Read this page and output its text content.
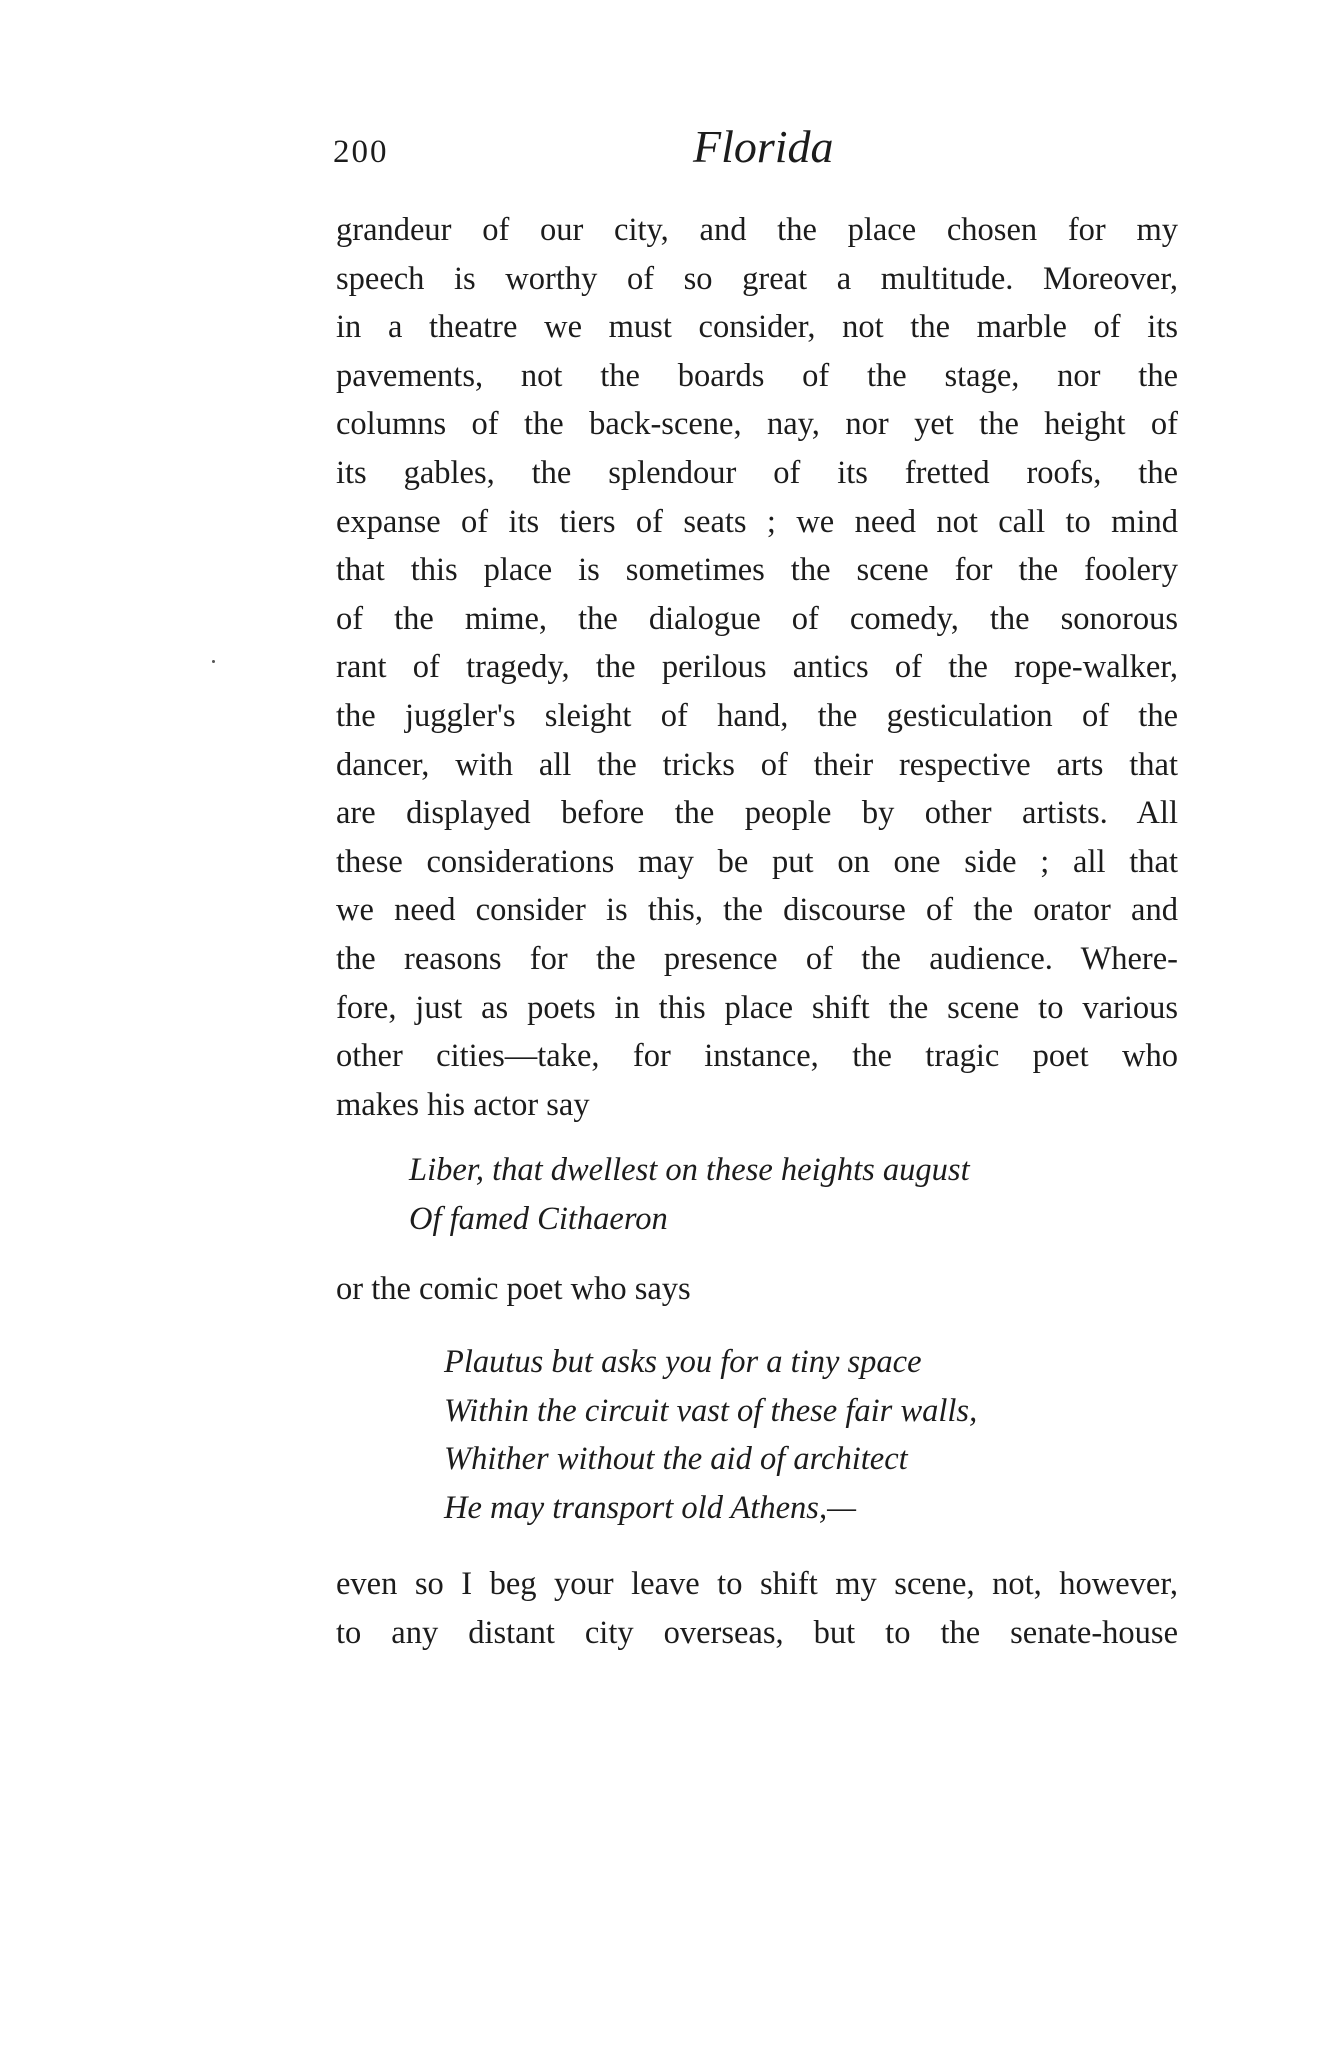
200	Florida

grandeur of our city, and the place chosen for my
speech is worthy of so great a multitude. Moreover,
in a theatre we must consider, not the marble of its
pavements, not the boards of the stage, nor the
columns of the back-scene, nay, nor yet the height of
its gables, the splendour of its fretted roofs, the
expanse of its tiers of seats ; we need not call to mind
that this place is sometimes the scene for the foolery
of the mime, the dialogue of comedy, the sonorous
rant of tragedy, the perilous antics of the rope-walker,
the juggler's sleight of hand, the gesticulation of the
dancer, with all the tricks of their respective arts that
are displayed before the people by other artists. All
these considerations may be put on one side ; all that
we need consider is this, the discourse of the orator and
the reasons for the presence of the audience. Where-
fore, just as poets in this place shift the scene to various
other cities—take, for instance, the tragic poet who
makes his actor say

Liber, that dwellest on these heights august
Of famed Cithaeron

or the comic poet who says

Plautus but asks you for a tiny space
Within the circuit vast of these fair walls,
Whither without the aid of architect
He may transport old Athens,—

even so I beg your leave to shift my scene, not, however,
to any distant city overseas, but to the senate-house
